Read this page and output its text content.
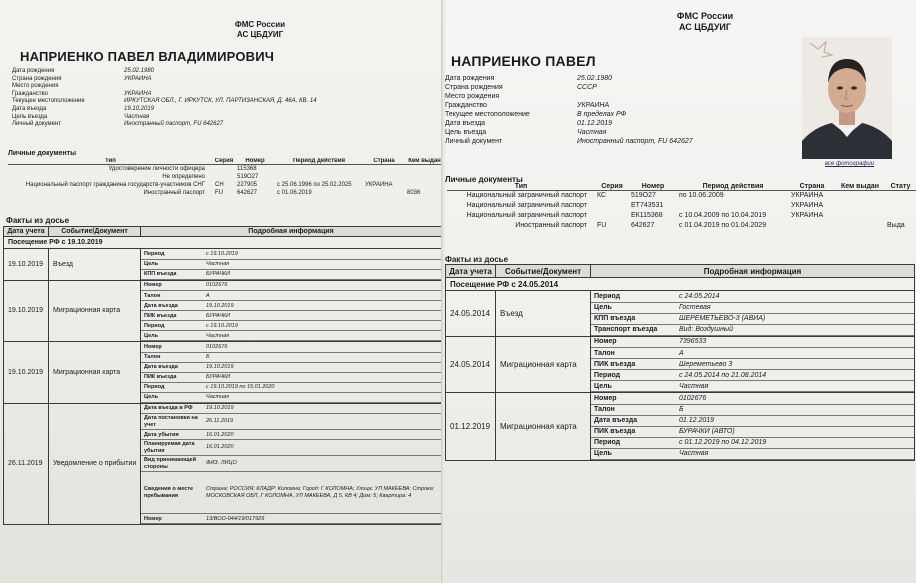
ФМС России
АС ЦБДУИГ
НАПРИЕНКО ПАВЕЛ ВЛАДИМИРОВИЧ
Дата рождения	25.02.1980
Страна рождения	УКРАИНА
Место рождения
Гражданство	УКРАИНА
Текущее местоположение	ИРКУТСКАЯ ОБЛ., Г. ИРКУТСК, УЛ. ПАРТИЗАНСКАЯ, Д. 46А, КВ. 14
Дата въезда	19.10.2019
Цель въезда	Частная
Личный документ	Иностранный паспорт, FU 642627
Личные документы
Тип	Серия	Номер	Период действия	Страна	Кем выдан
Удостоверение личности офицера		115368			
Не определено		519О27			
Национальный паспорт гражданина государств-участников СНГ	СН	227905	с 25.06.1996 по 25.02.2025	УКРАИНА	
Иностранный паспорт	FU	642627	с 01.06.2019		8036
Факты из досье
Дата учета	Событие/Документ	Подробная информация
Посещение РФ с 19.10.2019
19.10.2019	Въезд	
Период	с 19.10.2019
Цель	Частная
КПП въезда	БУРАЧКИ

19.10.2019	Миграционная карта	
Номер	0102676
Талон	А
Дата въезда	19.10.2019
ПИК въезда	БУРАЧКИ
Период	с 19.10.2019
Цель	Частная

19.10.2019	Миграционная карта	
Номер	0102676
Талон	Б
Дата въезда	19.10.2019
ПИК въезда	БУРАЧКИ
Период	с 19.10.2019 по 15.01.2020
Цель	Частная

26.11.2019	Уведомление о прибытии	
Дата въезда в РФ	19.10.2019
Дата постановки на учет	26.11.2019
Дата убытия	16.01.2020
Планируемая дата убытия	16.01.2020
Вид принимающей стороны	ФИЗ. ЛИЦО
Сведения о месте пребывания	Страна: РОССИЯ; КЛАДР: Коломна; Город: Г КОЛОМНА; Улица: УЛ МАКЕЕВА; Строка: МОСКОВСКАЯ ОБЛ, Г КОЛОМНА, УЛ МАКЕЕВА, Д 5, КВ 4; Дом: 5; Квартира: 4
Номер	13/ВОО-044/19/017929
ФМС России
АС ЦБДУИГ
НАПРИЕНКО ПАВЕЛ
все фотографии
Дата рождения	25.02.1980
Страна рождения	СССР
Место рождения
Гражданство	УКРАИНА
Текущее местоположение	В пределах РФ
Дата въезда	01.12.2019
Цель въезда	Частная
Личный документ	Иностранный паспорт, FU 642627
Личные документы
Тип	Серия	Номер	Период действия	Страна	Кем выдан	Стату
Национальный заграничный паспорт	КС	519О27	по 10.06.2009	УКРАИНА		
Национальный заграничный паспорт		ЕТ743531		УКРАИНА		
Национальный заграничный паспорт		ЕК115368	с 10.04.2009 по 10.04.2019	УКРАИНА		
Иностранный паспорт	FU	642627	с 01.04.2019 по 01.04.2029			Выда
Факты из досье
Дата учета	Событие/Документ	Подробная информация
Посещение РФ с 24.05.2014
24.05.2014	Въезд	
Период	с 24.05.2014
Цель	Гостевая
КПП въезда	ШЕРЕМЕТЬЕВО-3 (АВИА)
Транспорт въезда	Вид: Воздушный

24.05.2014	Миграционная карта	
Номер	7396533
Талон	А
ПИК въезда	Шереметьево 3
Период	с 24.05.2014 по 21.08.2014
Цель	Частная

01.12.2019	Миграционная карта	
Номер	0102676
Талон	Б
Дата въезда	01.12.2019
ПИК въезда	БУРАЧКИ (АВТО)
Период	с 01.12.2019 по 04.12.2019
Цель	Частная
